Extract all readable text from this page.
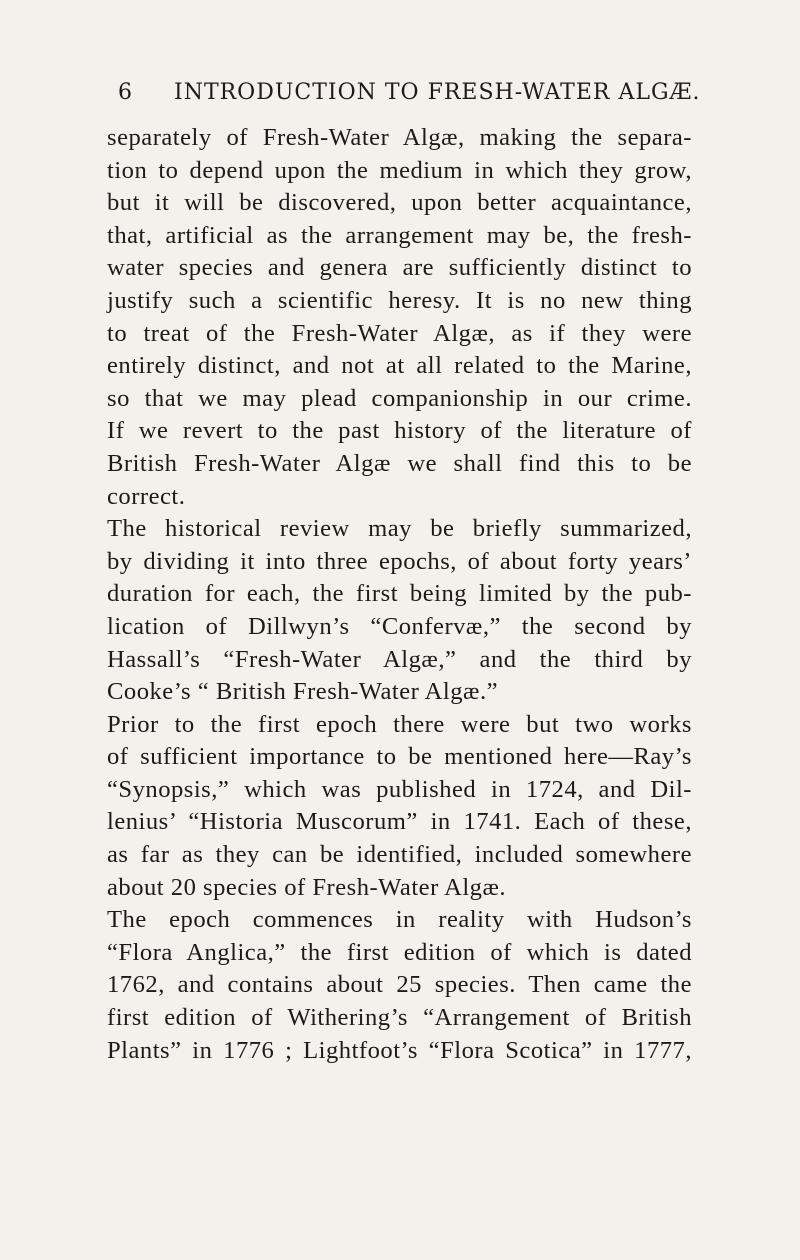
6 INTRODUCTION TO FRESH-WATER ALGÆ.
separately of Fresh-Water Algæ, making the separa-
tion to depend upon the medium in which they grow,
but it will be discovered, upon better acquaintance,
that, artificial as the arrangement may be, the fresh-
water species and genera are sufficiently distinct to
justify such a scientific heresy. It is no new thing
to treat of the Fresh-Water Algæ, as if they were
entirely distinct, and not at all related to the Marine,
so that we may plead companionship in our crime.
If we revert to the past history of the literature of
British Fresh-Water Algæ we shall find this to be
correct.
The historical review may be briefly summarized,
by dividing it into three epochs, of about forty years’
duration for each, the first being limited by the pub-
lication of Dillwyn’s “Confervæ,” the second by
Hassall’s “Fresh-Water Algæ,” and the third by
Cooke’s “ British Fresh-Water Algæ.”
Prior to the first epoch there were but two works
of sufficient importance to be mentioned here—Ray’s
“Synopsis,” which was published in 1724, and Dil-
lenius’ “Historia Muscorum” in 1741. Each of these,
as far as they can be identified, included somewhere
about 20 species of Fresh-Water Algæ.
The epoch commences in reality with Hudson’s
“Flora Anglica,” the first edition of which is dated
1762, and contains about 25 species. Then came the
first edition of Withering’s “Arrangement of British
Plants” in 1776 ; Lightfoot’s “Flora Scotica” in 1777,
